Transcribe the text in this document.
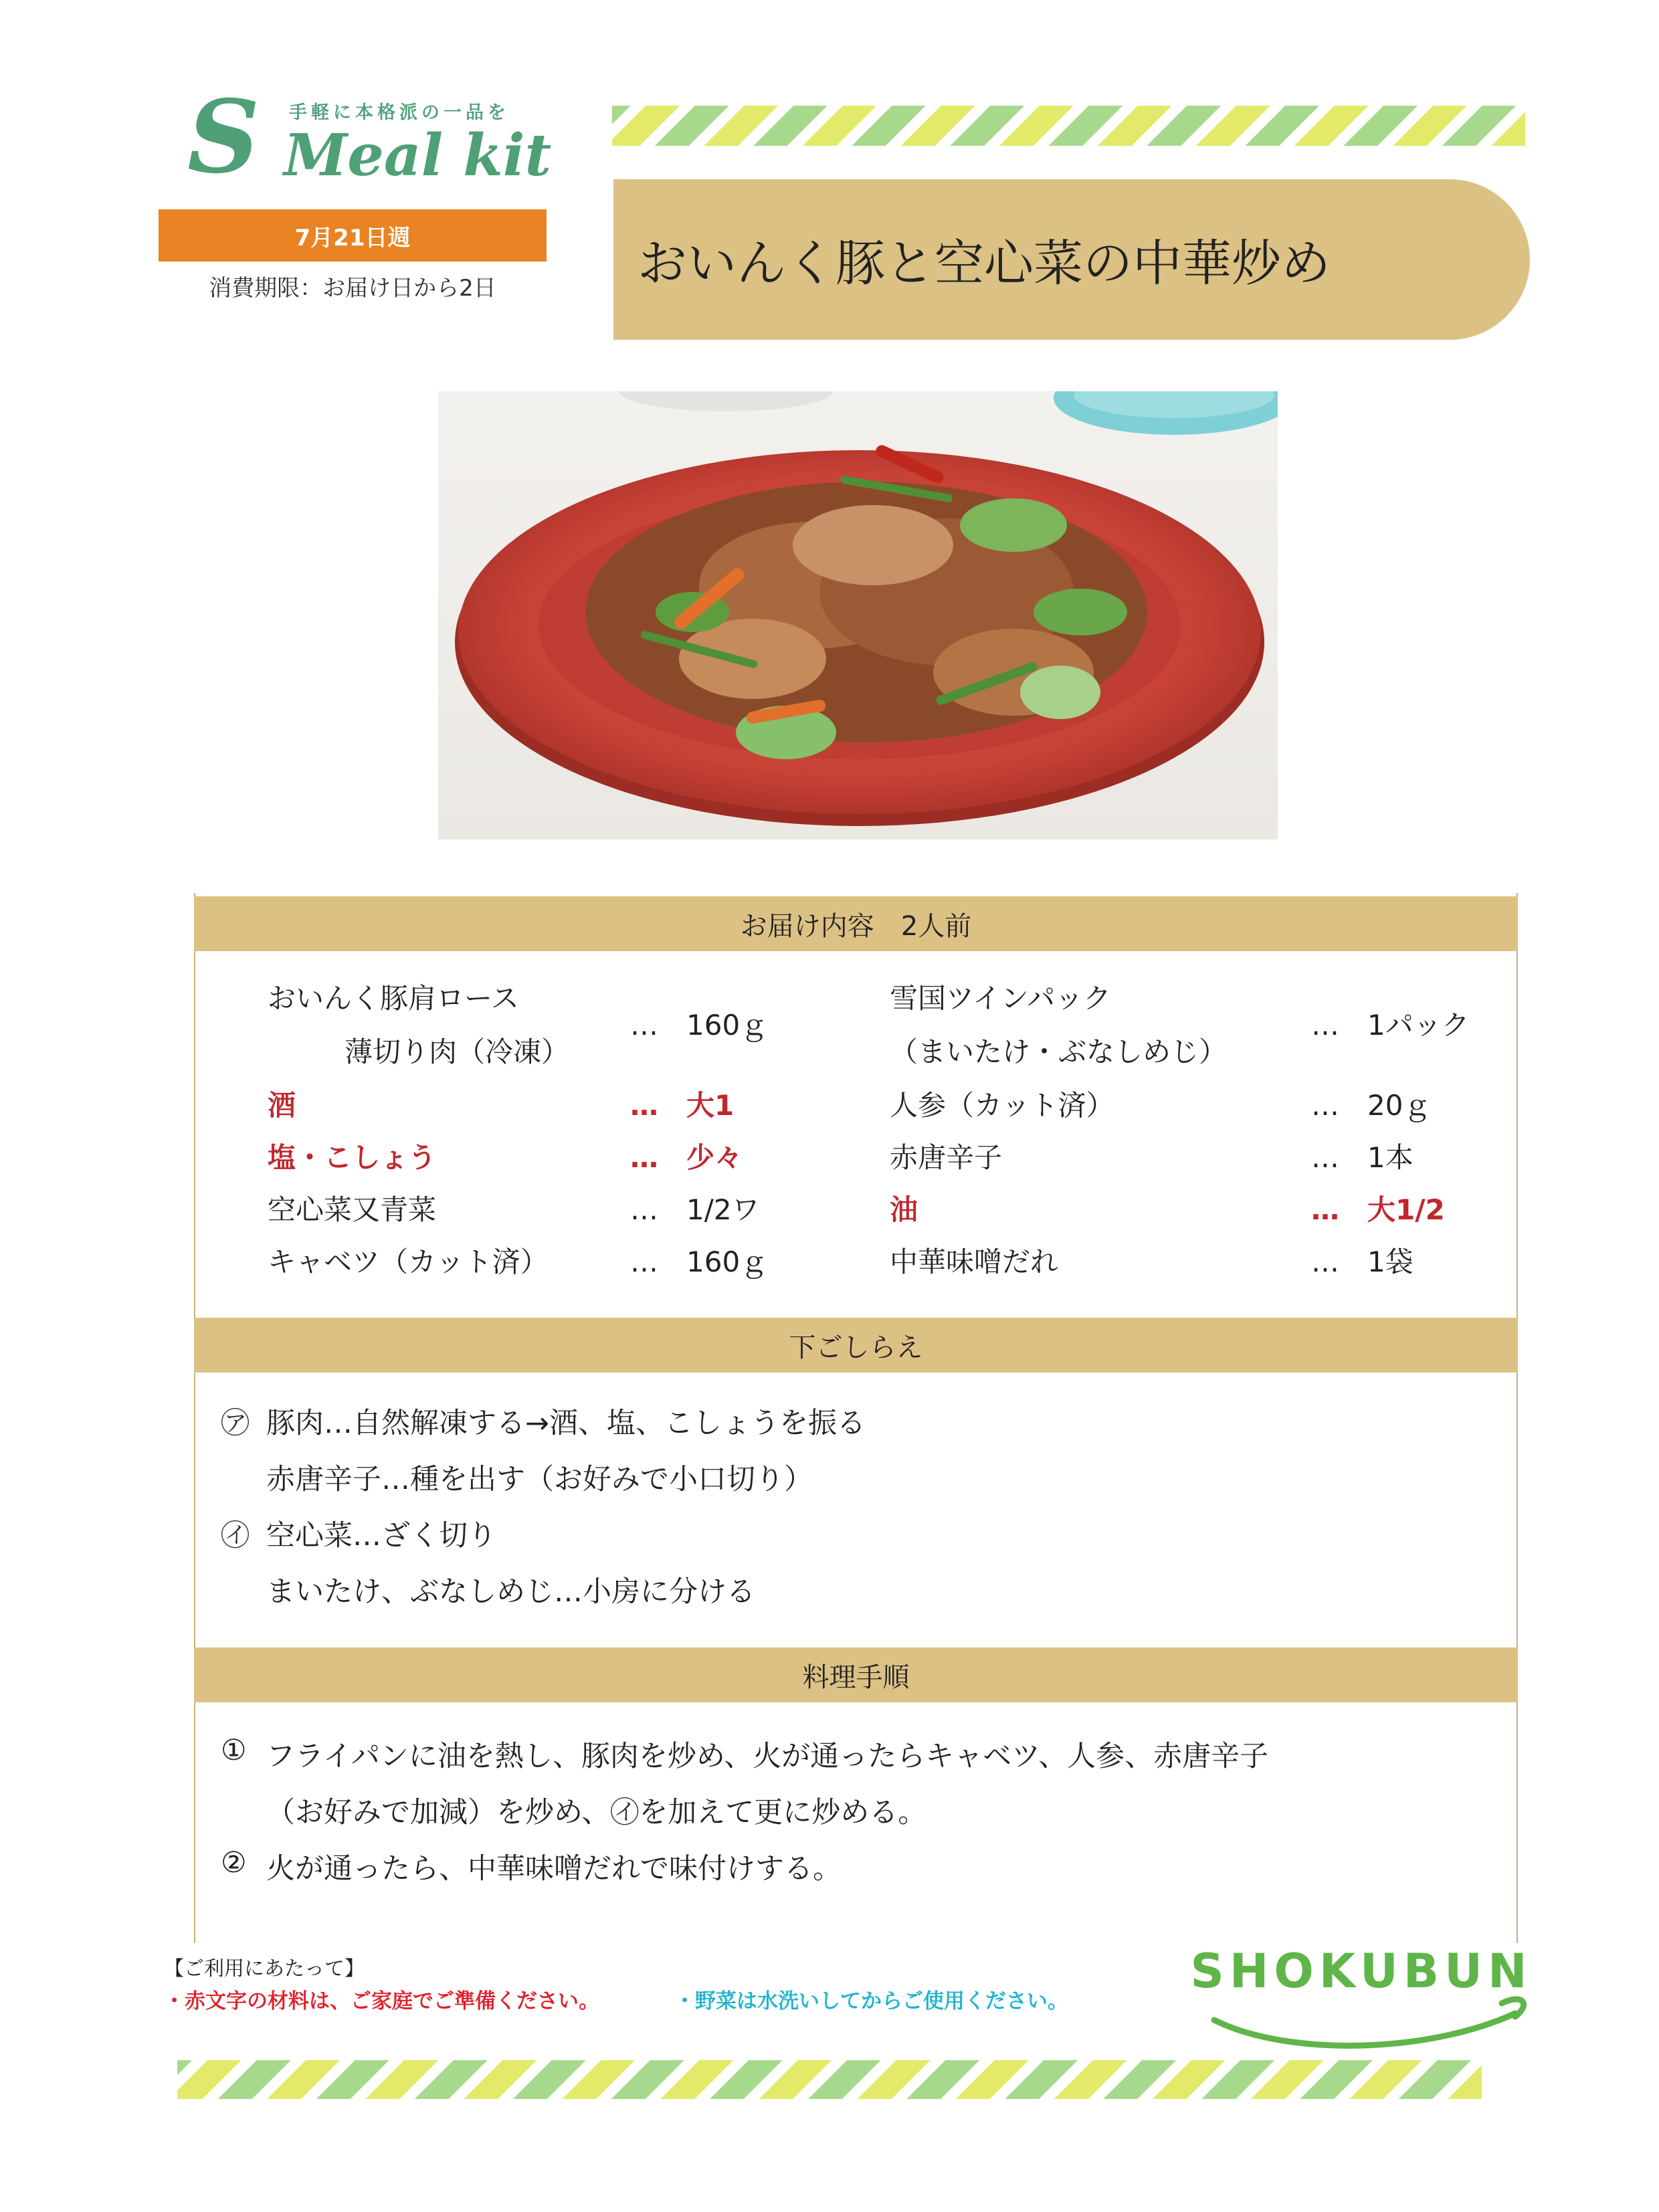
S 手軽に本格派の一品を
Meal kit
7月21日週
消費期限：お届け日から2日	おいんく豚と空心菜の中華炒め
お届け内容　2人前
おいんく豚肩ロース
薄切り肉（冷凍）
…　160ｇ
酒	…　大1
塩・こしょう	…　少々
空心菜又青菜	…　1/2ワ
キャベツ（カット済）	…　160ｇ
雪国ツインパック
（まいたけ・ぶなしめじ）
…　1パック
人参（カット済）	…　20ｇ
赤唐辛子	…　1本
油	…　大1/2
中華味噌だれ	…　1袋
下ごしらえ
㋐ 豚肉…自然解凍する→酒、塩、こしょうを振る
赤唐辛子…種を出す（お好みで小口切り）
㋑ 空心菜…ざく切り
まいたけ、ぶなしめじ…小房に分ける
料理手順
① フライパンに油を熱し、豚肉を炒め、火が通ったらキャベツ、人参、赤唐辛子
（お好みで加減）を炒め、㋑を加えて更に炒める。
② 火が通ったら、中華味噌だれで味付けする。
【ご利用にあたって】
・赤文字の材料は、ご家庭でご準備ください。	・野菜は水洗いしてからご使用ください。
SHOKUBUN
